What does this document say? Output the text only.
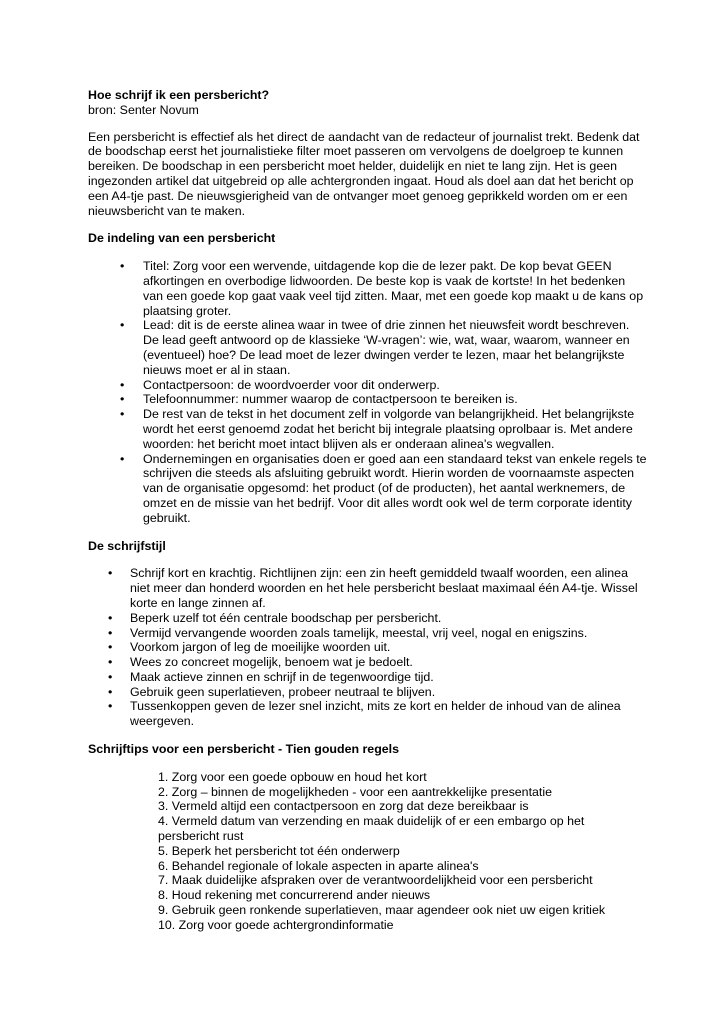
Hoe schrijf ik een persbericht?

bron: Senter Novum

Een persbericht is effectief als het direct de aandacht van de redacteur of journalist trekt. Bedenk dat de boodschap eerst het journalistieke filter moet passeren om vervolgens de doelgroep te kunnen bereiken. De boodschap in een persbericht moet helder, duidelijk en niet te lang zijn. Het is geen ingezonden artikel dat uitgebreid op alle achtergronden ingaat. Houd als doel aan dat het bericht op een A4-tje past. De nieuwsgierigheid van de ontvanger moet genoeg geprikkeld worden om er een nieuwsbericht van te maken.

De indeling van een persbericht
• Titel: Zorg voor een wervende, uitdagende kop die de lezer pakt. De kop bevat GEEN afkortingen en overbodige lidwoorden. De beste kop is vaak de kortste! In het bedenken van een goede kop gaat vaak veel tijd zitten. Maar, met een goede kop maakt u de kans op plaatsing groter.
• Lead: dit is de eerste alinea waar in twee of drie zinnen het nieuwsfeit wordt beschreven. De lead geeft antwoord op de klassieke ‘W-vragen’: wie, wat, waar, waarom, wanneer en (eventueel) hoe? De lead moet de lezer dwingen verder te lezen, maar het belangrijkste nieuws moet er al in staan.
• Contactpersoon: de woordvoerder voor dit onderwerp.
• Telefoonnummer: nummer waarop de contactpersoon te bereiken is.
• De rest van de tekst in het document zelf in volgorde van belangrijkheid. Het belangrijkste wordt het eerst genoemd zodat het bericht bij integrale plaatsing oprolbaar is. Met andere woorden: het bericht moet intact blijven als er onderaan alinea's wegvallen.
• Ondernemingen en organisaties doen er goed aan een standaard tekst van enkele regels te schrijven die steeds als afsluiting gebruikt wordt. Hierin worden de voornaamste aspecten van de organisatie opgesomd: het product (of de producten), het aantal werknemers, de omzet en de missie van het bedrijf. Voor dit alles wordt ook wel de term corporate identity gebruikt.
De schrijfstijl
• Schrijf kort en krachtig. Richtlijnen zijn: een zin heeft gemiddeld twaalf woorden, een alinea niet meer dan honderd woorden en het hele persbericht beslaat maximaal één A4-tje. Wissel korte en lange zinnen af.
• Beperk uzelf tot één centrale boodschap per persbericht.
• Vermijd vervangende woorden zoals tamelijk, meestal, vrij veel, nogal en enigszins.
• Voorkom jargon of leg de moeilijke woorden uit.
• Wees zo concreet mogelijk, benoem wat je bedoelt.
• Maak actieve zinnen en schrijf in de tegenwoordige tijd.
• Gebruik geen superlatieven, probeer neutraal te blijven.
• Tussenkoppen geven de lezer snel inzicht, mits ze kort en helder de inhoud van de alinea weergeven.
Schrijftips voor een persbericht - Tien gouden regels
1. Zorg voor een goede opbouw en houd het kort
2. Zorg – binnen de mogelijkheden - voor een aantrekkelijke presentatie
3. Vermeld altijd een contactpersoon en zorg dat deze bereikbaar is
4. Vermeld datum van verzending en maak duidelijk of er een embargo op het persbericht rust
5. Beperk het persbericht tot één onderwerp
6. Behandel regionale of lokale aspecten in aparte alinea's
7. Maak duidelijke afspraken over de verantwoordelijkheid voor een persbericht
8. Houd rekening met concurrerend ander nieuws
9. Gebruik geen ronkende superlatieven, maar agendeer ook niet uw eigen kritiek
10. Zorg voor goede achtergrondinformatie
